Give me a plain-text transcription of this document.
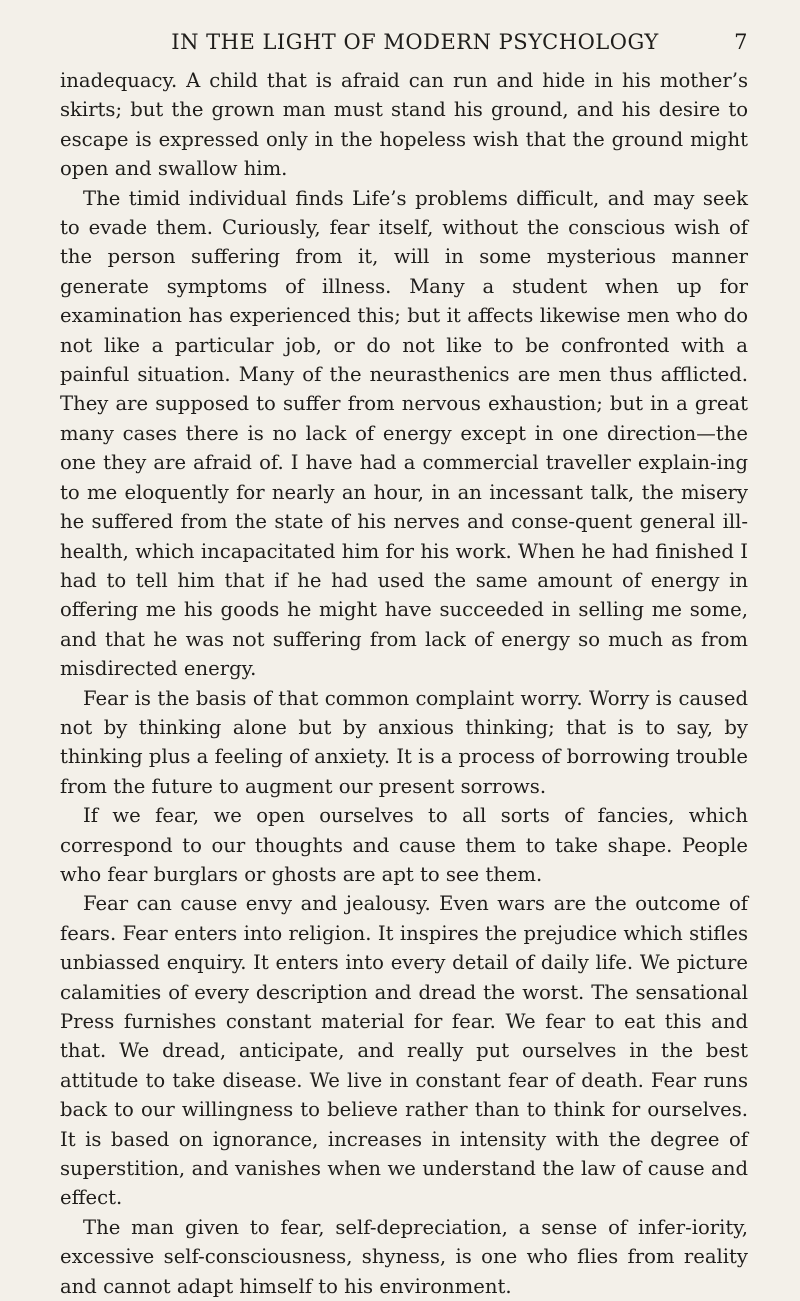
IN THE LIGHT OF MODERN PSYCHOLOGY	7

inadequacy. A child that is afraid can run and hide in his mother’s skirts; but the grown man must stand his ground, and his desire to escape is expressed only in the hopeless wish that the ground might open and swallow him.

The timid individual finds Life’s problems difficult, and may seek to evade them. Curiously, fear itself, without the conscious wish of the person suffering from it, will in some mysterious manner generate symptoms of illness. Many a student when up for examination has experienced this; but it affects likewise men who do not like a particular job, or do not like to be confronted with a painful situation. Many of the neurasthenics are men thus afflicted. They are supposed to suffer from nervous exhaustion; but in a great many cases there is no lack of energy except in one direction—the one they are afraid of. I have had a commercial traveller explain-ing to me eloquently for nearly an hour, in an incessant talk, the misery he suffered from the state of his nerves and conse-quent general ill-health, which incapacitated him for his work. When he had finished I had to tell him that if he had used the same amount of energy in offering me his goods he might have succeeded in selling me some, and that he was not suffering from lack of energy so much as from misdirected energy.

Fear is the basis of that common complaint worry. Worry is caused not by thinking alone but by anxious thinking; that is to say, by thinking plus a feeling of anxiety. It is a process of borrowing trouble from the future to augment our present sorrows.

If we fear, we open ourselves to all sorts of fancies, which correspond to our thoughts and cause them to take shape. People who fear burglars or ghosts are apt to see them.

Fear can cause envy and jealousy. Even wars are the outcome of fears. Fear enters into religion. It inspires the prejudice which stifles unbiassed enquiry. It enters into every detail of daily life. We picture calamities of every description and dread the worst. The sensational Press furnishes constant material for fear. We fear to eat this and that. We dread, anticipate, and really put ourselves in the best attitude to take disease. We live in constant fear of death. Fear runs back to our willingness to believe rather than to think for ourselves. It is based on ignorance, increases in intensity with the degree of superstition, and vanishes when we understand the law of cause and effect.

The man given to fear, self-depreciation, a sense of infer-iority, excessive self-consciousness, shyness, is one who flies from reality and cannot adapt himself to his environment.
